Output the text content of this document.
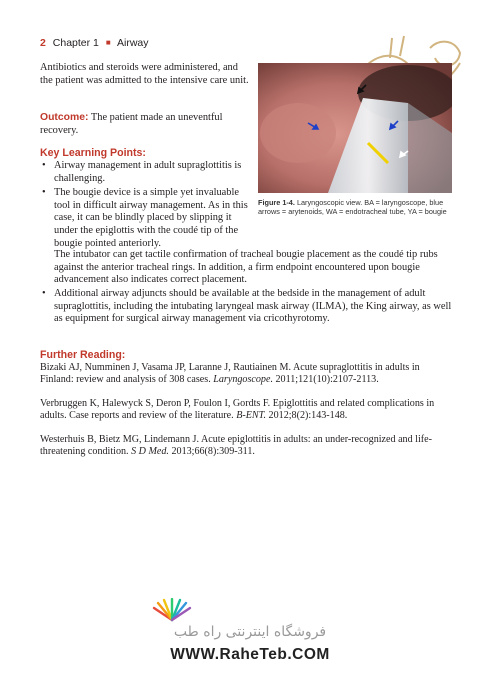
2 Chapter 1 ■ Airway
Antibiotics and steroids were administered, and the patient was admitted to the intensive care unit.
Outcome: The patient made an uneventful recovery.
Key Learning Points:
• Airway management in adult supraglottitis is challenging.
• The bougie device is a simple yet invaluable tool in difficult airway management. As in this case, it can be blindly placed by slipping it under the epiglottis with the coudé tip of the bougie pointed anteriorly.
The intubator can get tactile confirmation of tracheal bougie placement as the coudé tip rubs against the anterior tracheal rings. In addition, a firm endpoint encountered upon bougie advancement also indicates correct placement.
• Additional airway adjuncts should be available at the bedside in the management of adult supraglottitis, including the intubating laryngeal mask airway (ILMA), the King airway, as well as equipment for surgical airway management via cricothyrotomy.
Figure 1-4. Laryngoscopic view. BA = laryngoscope, blue arrows = arytenoids, WA = endotracheal tube, YA = bougie
Further Reading:
Bizaki AJ, Numminen J, Vasama JP, Laranne J, Rautiainen M. Acute supraglottitis in adults in Finland: review and analysis of 308 cases. Laryngoscope. 2011;121(10):2107-2113.
Verbruggen K, Halewyck S, Deron P, Foulon I, Gordts F. Epiglottitis and related complications in adults. Case reports and review of the literature. B-ENT. 2012;8(2):143-148.
Westerhuis B, Bietz MG, Lindemann J. Acute epiglottitis in adults: an under-recognized and life-threatening condition. S D Med. 2013;66(8):309-311.
فروشگاه اینترنتی راه طب
WWW.RaheTeb.COM
